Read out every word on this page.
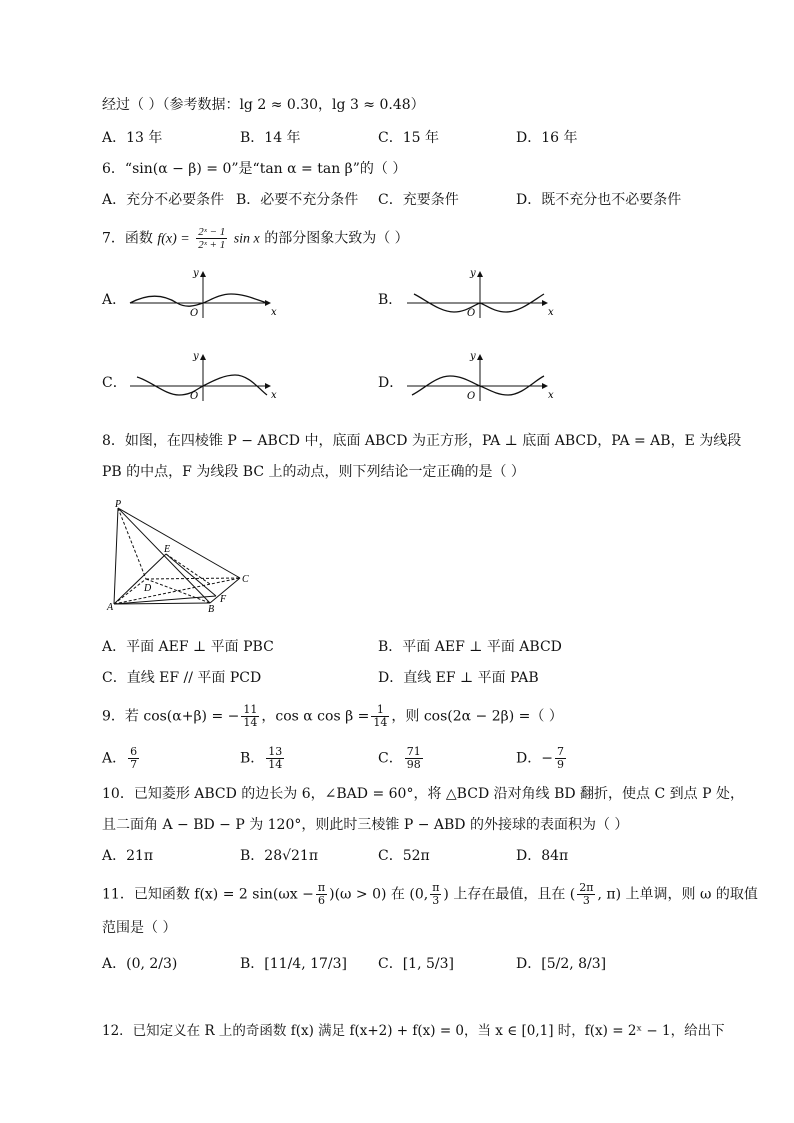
经过（ ）（参考数据：lg 2 ≈ 0.30，lg 3 ≈ 0.48）
A．13 年	B．14 年	C．15 年	D．16 年
6．“sin(α − β) = 0”是“tan α = tan β”的（ ）
A．充分不必要条件 B．必要不充分条件 C．充要条件	D．既不充分也不必要条件
7．函数 $f(x) = \frac{\text{2ˣ − 1}}{\text{2ˣ + 1}}$ sin x 的部分图象大致为（ ）
A．	B．
C．	D．
y
x
O
y
x
O
y
x
O
y
x
O
8．如图，在四棱锥 P − ABCD 中，底面 ABCD 为正方形，PA ⊥ 底面 ABCD，PA = AB，E 为线段
PB 的中点，F 为线段 BC 上的动点，则下列结论一定正确的是（ ）
P
E
D
C
A	B
F
A．平面 AEF ⊥ 平面 PBC	B．平面 AEF ⊥ 平面 ABCD
C．直线 EF // 平面 PCD	D．直线 EF ⊥ 平面 PAB
9．若 cos(α+β) = − $\frac{11}{14}$ ，cos α $\cos \beta = \frac{1}{14}$ ，则 cos(2α − 2β) =（ ）
A． $\frac{6}{7}$	B． $\frac{13}{14}$	C． $\frac{71}{98}$	D．− $\frac{7}{9}$
10．已知菱形 ABCD 的边长为 6，∠BAD = 60°，将 △BCD 沿对角线 BD 翻折，使点 C 到点 P 处，
且二面角 A − BD − P 为 120°，则此时三棱锥 P − ABD 的外接球的表面积为（ ）
A．21π	B．28√21π	C．52π	D．84π
11．已知函数 f(x) = 2 $\sin(\omega x - \frac{\pi}{6} )(\omega > 0)$ 在 (0, $\frac{\pi}{3}$ ) 上存在最值，且在 ( $\frac{2\pi}{3}$ , π) 上单调，则 ω 的取值
范围是（ ）
A．(0, 2/3)	B．[11/4, 17/3] C．[1, 5/3]	D．[5/2, 8/3]
12．已知定义在 R 上的奇函数 f(x) 满足 f(x+2) + f(x) = 0，当 x ∈ [0,1] 时，f(x) = 2ˣ − 1，给出下
